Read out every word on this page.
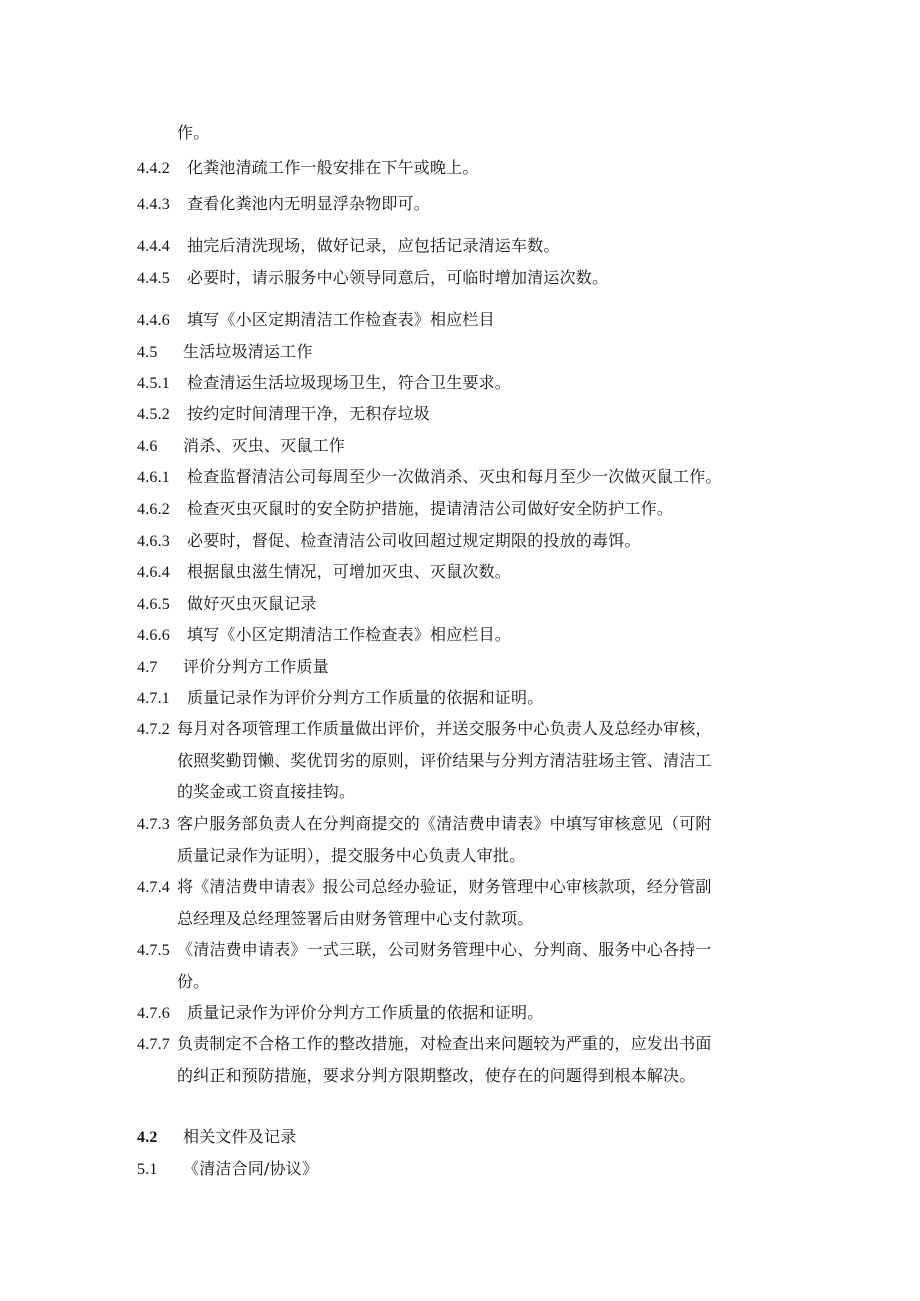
作。
4.4.2 化粪池清疏工作一般安排在下午或晚上。
4.4.3 查看化粪池内无明显浮杂物即可。
4.4.4 抽完后清洗现场，做好记录，应包括记录清运车数。
4.4.5 必要时，请示服务中心领导同意后，可临时增加清运次数。
4.4.6 填写《小区定期清洁工作检查表》相应栏目
4.5 生活垃圾清运工作
4.5.1 检查清运生活垃圾现场卫生，符合卫生要求。
4.5.2 按约定时间清理干净，无积存垃圾
4.6 消杀、灭虫、灭鼠工作
4.6.1 检查监督清洁公司每周至少一次做消杀、灭虫和每月至少一次做灭鼠工作。
4.6.2 检查灭虫灭鼠时的安全防护措施，提请清洁公司做好安全防护工作。
4.6.3 必要时，督促、检查清洁公司收回超过规定期限的投放的毒饵。
4.6.4 根据鼠虫滋生情况，可增加灭虫、灭鼠次数。
4.6.5 做好灭虫灭鼠记录
4.6.6 填写《小区定期清洁工作检查表》相应栏目。
4.7 评价分判方工作质量
4.7.1 质量记录作为评价分判方工作质量的依据和证明。
4.7.2 每月对各项管理工作质量做出评价，并送交服务中心负责人及总经办审核，
依照奖勤罚懒、奖优罚劣的原则，评价结果与分判方清洁驻场主管、清洁工
的奖金或工资直接挂钩。
4.7.3 客户服务部负责人在分判商提交的《清洁费申请表》中填写审核意见（可附
质量记录作为证明），提交服务中心负责人审批。
4.7.4 将《清洁费申请表》报公司总经办验证，财务管理中心审核款项，经分管副
总经理及总经理签署后由财务管理中心支付款项。
4.7.5 《清洁费申请表》一式三联，公司财务管理中心、分判商、服务中心各持一
份。
4.7.6 质量记录作为评价分判方工作质量的依据和证明。
4.7.7 负责制定不合格工作的整改措施，对检查出来问题较为严重的，应发出书面
的纠正和预防措施，要求分判方限期整改，使存在的问题得到根本解决。
4.2 相关文件及记录
5.1 《清洁合同/协议》
